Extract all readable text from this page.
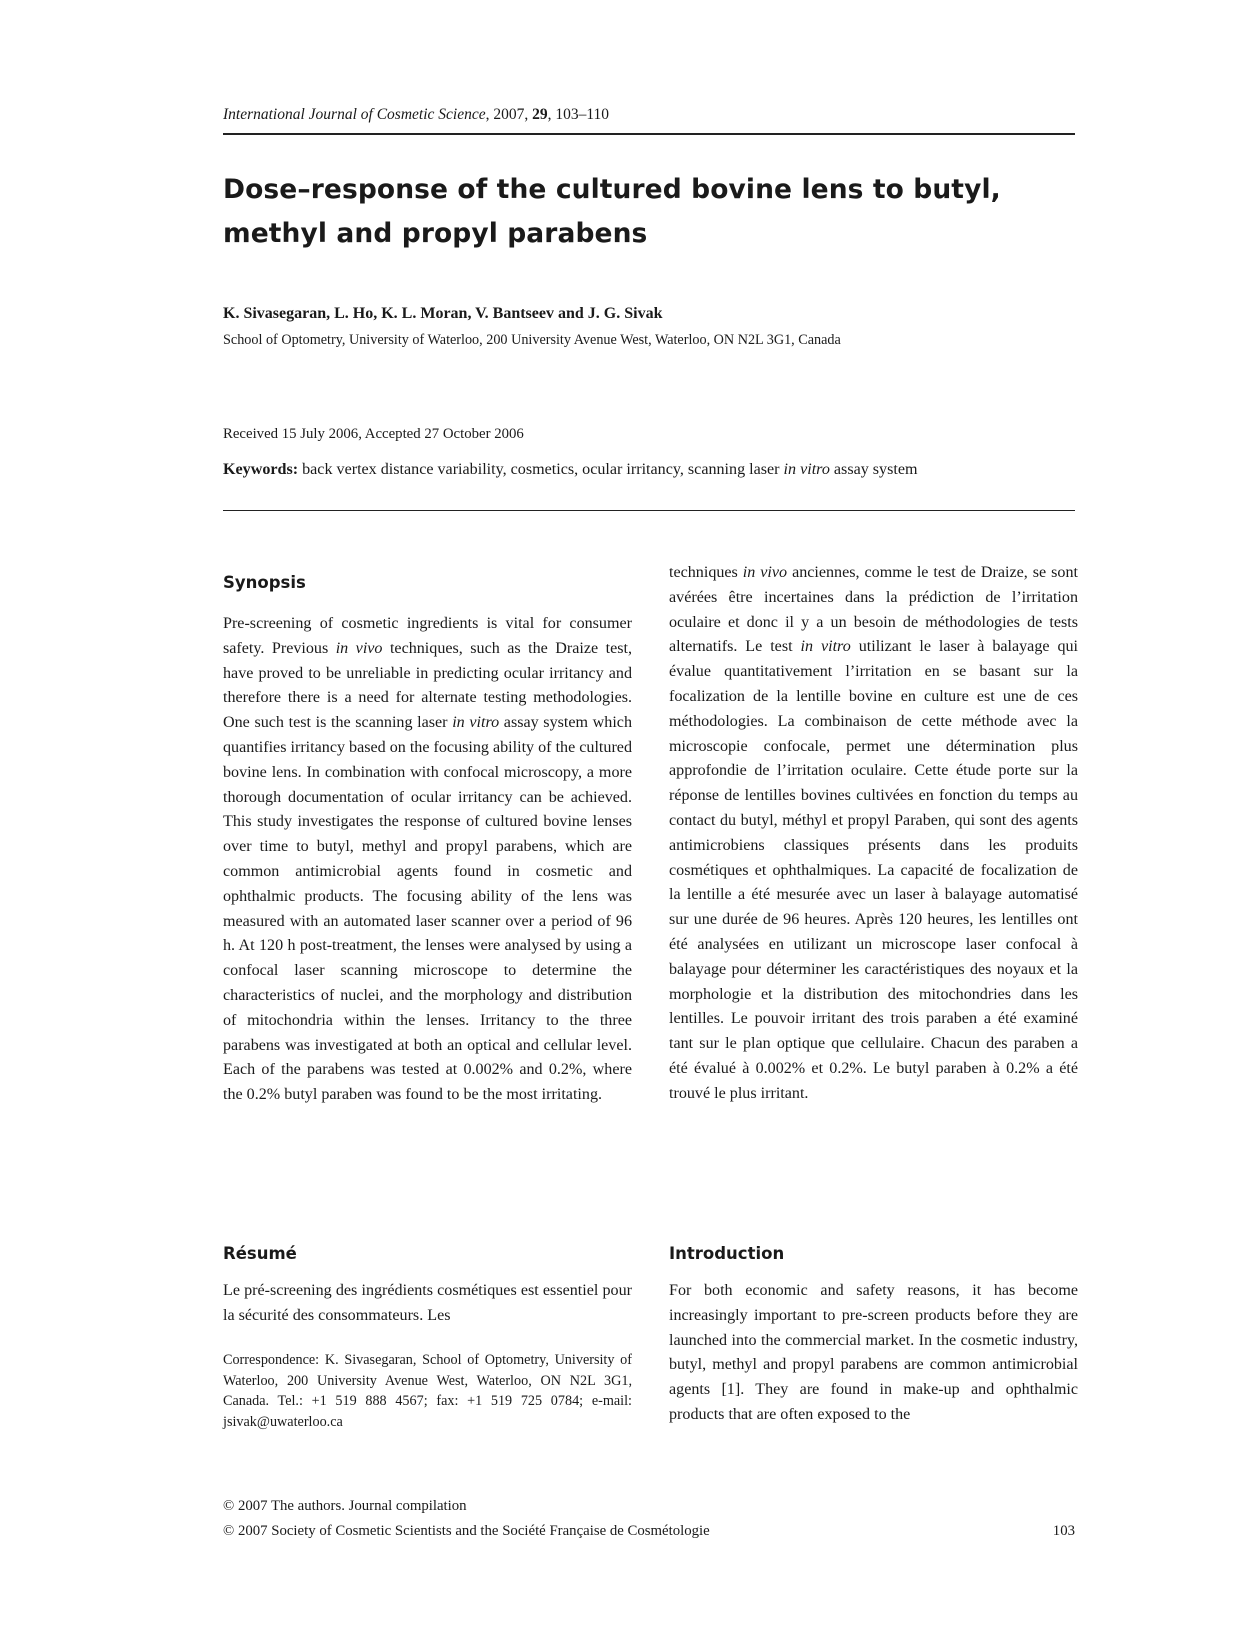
International Journal of Cosmetic Science, 2007, 29, 103–110
Dose–response of the cultured bovine lens to butyl,
methyl and propyl parabens
K. Sivasegaran, L. Ho, K. L. Moran, V. Bantseev and J. G. Sivak
School of Optometry, University of Waterloo, 200 University Avenue West, Waterloo, ON N2L 3G1, Canada
Received 15 July 2006, Accepted 27 October 2006
Keywords: back vertex distance variability, cosmetics, ocular irritancy, scanning laser in vitro assay system
Synopsis

Pre-screening of cosmetic ingredients is vital for consumer safety. Previous in vivo techniques, such as the Draize test, have proved to be unreliable in predicting ocular irritancy and therefore there is a need for alternate testing methodologies. One such test is the scanning laser in vitro assay system which quantifies irritancy based on the focusing ability of the cultured bovine lens. In combination with confocal microscopy, a more thorough documentation of ocular irritancy can be achieved. This study investigates the response of cultured bovine lenses over time to butyl, methyl and propyl parabens, which are common antimicrobial agents found in cosmetic and ophthalmic products. The focusing ability of the lens was measured with an automated laser scanner over a period of 96 h. At 120 h post-treatment, the lenses were analysed by using a confocal laser scanning microscope to determine the characteristics of nuclei, and the morphology and distribution of mitochondria within the lenses. Irritancy to the three parabens was investigated at both an optical and cellular level. Each of the parabens was tested at 0.002% and 0.2%, where the 0.2% butyl paraben was found to be the most irritating.

Résumé

Le pré-screening des ingrédients cosmétiques est essentiel pour la sécurité des consommateurs. Les

Correspondence: K. Sivasegaran, School of Optometry, University of Waterloo, 200 University Avenue West, Waterloo, ON N2L 3G1, Canada. Tel.: +1 519 888 4567; fax: +1 519 725 0784; e-mail: jsivak@uwaterloo.ca

techniques in vivo anciennes, comme le test de Draize, se sont avérées être incertaines dans la prédiction de l’irritation oculaire et donc il y a un besoin de méthodologies de tests alternatifs. Le test in vitro utilizant le laser à balayage qui évalue quantitativement l’irritation en se basant sur la focalization de la lentille bovine en culture est une de ces méthodologies. La combinaison de cette méthode avec la microscopie confocale, permet une détermination plus approfondie de l’irritation oculaire. Cette étude porte sur la réponse de lentilles bovines cultivées en fonction du temps au contact du butyl, méthyl et propyl Paraben, qui sont des agents antimicrobiens classiques présents dans les produits cosmétiques et ophthalmiques. La capacité de focalization de la lentille a été mesurée avec un laser à balayage automatisé sur une durée de 96 heures. Après 120 heures, les lentilles ont été analysées en utilizant un microscope laser confocal à balayage pour déterminer les caractéristiques des noyaux et la morphologie et la distribution des mitochondries dans les lentilles. Le pouvoir irritant des trois paraben a été examiné tant sur le plan optique que cellulaire. Chacun des paraben a été évalué à 0.002% et 0.2%. Le butyl paraben à 0.2% a été trouvé le plus irritant.

Introduction

For both economic and safety reasons, it has become increasingly important to pre-screen products before they are launched into the commercial market. In the cosmetic industry, butyl, methyl and propyl parabens are common antimicrobial agents [1]. They are found in make-up and ophthalmic products that are often exposed to the

© 2007 The authors. Journal compilation
© 2007 Society of Cosmetic Scientists and the Société Française de Cosmétologie	103
